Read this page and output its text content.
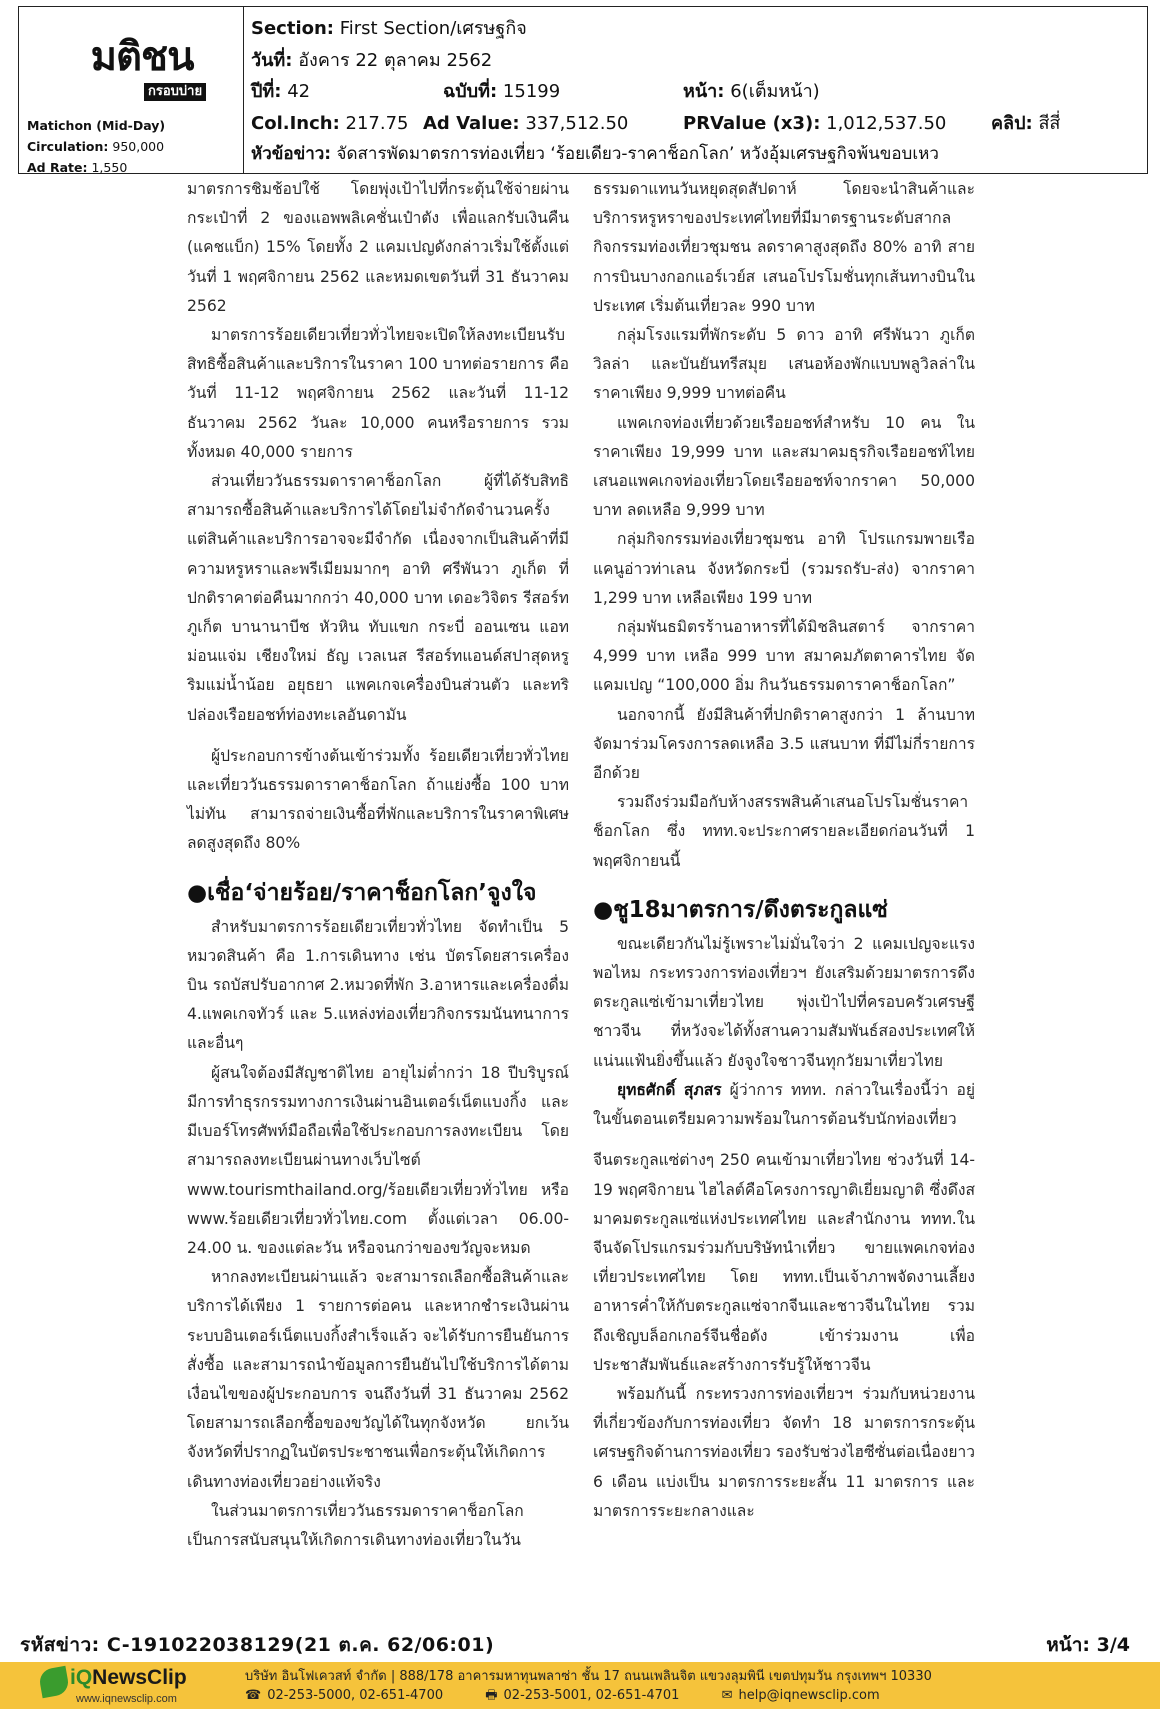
มติชน
กรอบบ่าย
Matichon (Mid-Day)
Circulation: 950,000
Ad Rate: 1,550
Section: First Section/เศรษฐกิจ
วันที่: อังคาร 22 ตุลาคม 2562
ปีที่: 42	ฉบับที่: 15199	หน้า: 6(เต็มหน้า)
Col.Inch: 217.75 Ad Value: 337,512.50	PRValue (x3): 1,012,537.50 คลิป: สีสี่
หัวข้อข่าว: จัดสารพัดมาตรการท่องเที่ยว ‘ร้อยเดียว-ราคาช็อกโลก’ หวังอุ้มเศรษฐกิจพ้นขอบเหว

มาตรการชิมช้อปใช้ โดยพุ่งเป้าไปที่กระตุ้นใช้จ่ายผ่านกระเป๋าที่ 2 ของแอพพลิเคชั่นเป๋าตัง เพื่อแลกรับเงินคืน (แคชแบ็ก) 15% โดยทั้ง 2 แคมเปญดังกล่าวเริ่มใช้ตั้งแต่วันที่ 1 พฤศจิกายน 2562 และหมดเขตวันที่ 31 ธันวาคม 2562

มาตรการร้อยเดียวเที่ยวทั่วไทยจะเปิดให้ลงทะเบียนรับสิทธิซื้อสินค้าและบริการในราคา 100 บาทต่อรายการ คือ วันที่ 11-12 พฤศจิกายน 2562 และวันที่ 11-12 ธันวาคม 2562 วันละ 10,000 คนหรือรายการ รวมทั้งหมด 40,000 รายการ

ส่วนเที่ยววันธรรมดาราคาช็อกโลก ผู้ที่ได้รับสิทธิสามารถซื้อสินค้าและบริการได้โดยไม่จำกัดจำนวนครั้ง แต่สินค้าและบริการอาจจะมีจำกัด เนื่องจากเป็นสินค้าที่มีความหรูหราและพรีเมียมมากๆ อาทิ ศรีพันวา ภูเก็ต ที่ปกติราคาต่อคืนมากกว่า 40,000 บาท เดอะวิจิตร รีสอร์ท ภูเก็ต บานานาบีช หัวหิน ทับแขก กระบี่ ออนเซน แอท ม่อนแจ่ม เชียงใหม่ ธัญ เวลเนส รีสอร์ทแอนด์สปาสุดหรูริมแม่น้ำน้อย อยุธยา แพคเกจเครื่องบินส่วนตัว และทริปล่องเรือยอชท์ท่องทะเลอันดามัน

ผู้ประกอบการข้างต้นเข้าร่วมทั้ง ร้อยเดียวเที่ยวทั่วไทย และเที่ยววันธรรมดาราคาช็อกโลก ถ้าแย่งซื้อ 100 บาทไม่ทัน สามารถจ่ายเงินซื้อที่พักและบริการในราคาพิเศษลดสูงสุดถึง 80%

●เชื่อ‘จ่ายร้อย/ราคาช็อกโลก’จูงใจ

สำหรับมาตรการร้อยเดียวเที่ยวทั่วไทย จัดทำเป็น 5 หมวดสินค้า คือ 1.การเดินทาง เช่น บัตรโดยสารเครื่องบิน รถบัสปรับอากาศ 2.หมวดที่พัก 3.อาหารและเครื่องดื่ม 4.แพคเกจทัวร์ และ 5.แหล่งท่องเที่ยวกิจกรรมนันทนาการ และอื่นๆ

ผู้สนใจต้องมีสัญชาติไทย อายุไม่ต่ำกว่า 18 ปีบริบูรณ์ มีการทำธุรกรรมทางการเงินผ่านอินเตอร์เน็ตแบงกิ้ง และมีเบอร์โทรศัพท์มือถือเพื่อใช้ประกอบการลงทะเบียน โดยสามารถลงทะเบียนผ่านทางเว็บไซต์ www.tourismthailand.org/ร้อยเดียวเที่ยวทั่วไทย หรือ www.ร้อยเดียวเที่ยวทั่วไทย.com ตั้งแต่เวลา 06.00-24.00 น. ของแต่ละวัน หรือจนกว่าของขวัญจะหมด

หากลงทะเบียนผ่านแล้ว จะสามารถเลือกซื้อสินค้าและบริการได้เพียง 1 รายการต่อคน และหากชำระเงินผ่านระบบอินเตอร์เน็ตแบงกิ้งสำเร็จแล้ว จะได้รับการยืนยันการสั่งซื้อ และสามารถนำข้อมูลการยืนยันไปใช้บริการได้ตามเงื่อนไขของผู้ประกอบการ จนถึงวันที่ 31 ธันวาคม 2562 โดยสามารถเลือกซื้อของขวัญได้ในทุกจังหวัด ยกเว้นจังหวัดที่ปรากฏในบัตรประชาชนเพื่อกระตุ้นให้เกิดการเดินทางท่องเที่ยวอย่างแท้จริง

ในส่วนมาตรการเที่ยววันธรรมดาราคาช็อกโลกเป็นการสนับสนุนให้เกิดการเดินทางท่องเที่ยวในวัน

ธรรมดาแทนวันหยุดสุดสัปดาห์ โดยจะนำสินค้าและบริการหรูหราของประเทศไทยที่มีมาตรฐานระดับสากล กิจกรรมท่องเที่ยวชุมชน ลดราคาสูงสุดถึง 80% อาทิ สายการบินบางกอกแอร์เวย์ส เสนอโปรโมชั่นทุกเส้นทางบินในประเทศ เริ่มต้นเที่ยวละ 990 บาท

กลุ่มโรงแรมที่พักระดับ 5 ดาว อาทิ ศรีพันวา ภูเก็ต วิลล่า และบันยันทรีสมุย เสนอห้องพักแบบพลูวิลล่าในราคาเพียง 9,999 บาทต่อคืน

แพคเกจท่องเที่ยวด้วยเรือยอชท์สำหรับ 10 คน ในราคาเพียง 19,999 บาท และสมาคมธุรกิจเรือยอชท์ไทย เสนอแพคเกจท่องเที่ยวโดยเรือยอชท์จากราคา 50,000 บาท ลดเหลือ 9,999 บาท

กลุ่มกิจกรรมท่องเที่ยวชุมชน อาทิ โปรแกรมพายเรือแคนูอ่าวท่าเลน จังหวัดกระบี่ (รวมรถรับ-ส่ง) จากราคา 1,299 บาท เหลือเพียง 199 บาท

กลุ่มพันธมิตรร้านอาหารที่ได้มิชลินสตาร์ จากราคา 4,999 บาท เหลือ 999 บาท สมาคมภัตตาคารไทย จัดแคมเปญ “100,000 อิ่ม กินวันธรรมดาราคาช็อกโลก”

นอกจากนี้ ยังมีสินค้าที่ปกติราคาสูงกว่า 1 ล้านบาท จัดมาร่วมโครงการลดเหลือ 3.5 แสนบาท ที่มีไม่กี่รายการอีกด้วย

รวมถึงร่วมมือกับห้างสรรพสินค้าเสนอโปรโมชั่นราคาช็อกโลก ซึ่ง ททท.จะประกาศรายละเอียดก่อนวันที่ 1 พฤศจิกายนนี้

●ชู18มาตรการ/ดึงตระกูลแซ่

ขณะเดียวกันไม่รู้เพราะไม่มั่นใจว่า 2 แคมเปญจะแรงพอไหม กระทรวงการท่องเที่ยวฯ ยังเสริมด้วยมาตรการดึงตระกูลแซ่เข้ามาเที่ยวไทย พุ่งเป้าไปที่ครอบครัวเศรษฐีชาวจีน ที่หวังจะได้ทั้งสานความสัมพันธ์สองประเทศให้แน่นแฟ้นยิ่งขึ้นแล้ว ยังจูงใจชาวจีนทุกวัยมาเที่ยวไทย

ยุทธศักดิ์ สุภสร ผู้ว่าการ ททท. กล่าวในเรื่องนี้ว่า อยู่ในขั้นตอนเตรียมความพร้อมในการต้อนรับนักท่องเที่ยว

จีนตระกูลแซ่ต่างๆ 250 คนเข้ามาเที่ยวไทย ช่วงวันที่ 14-19 พฤศจิกายน ไฮไลต์คือโครงการญาติเยี่ยมญาติ ซึ่งดึงสมาคมตระกูลแซ่แห่งประเทศไทย และสำนักงาน ททท.ในจีนจัดโปรแกรมร่วมกับบริษัทนำเที่ยว ขายแพคเกจท่องเที่ยวประเทศไทย โดย ททท.เป็นเจ้าภาพจัดงานเลี้ยงอาหารค่ำให้กับตระกูลแซ่จากจีนและชาวจีนในไทย รวมถึงเชิญบล็อกเกอร์จีนชื่อดัง เข้าร่วมงาน เพื่อประชาสัมพันธ์และสร้างการรับรู้ให้ชาวจีน

พร้อมกันนี้ กระทรวงการท่องเที่ยวฯ ร่วมกับหน่วยงานที่เกี่ยวข้องกับการท่องเที่ยว จัดทำ 18 มาตรการกระตุ้นเศรษฐกิจด้านการท่องเที่ยว รองรับช่วงไฮซีซั่นต่อเนื่องยาว 6 เดือน แบ่งเป็น มาตรการระยะสั้น 11 มาตรการ และมาตรการระยะกลางและ

รหัสข่าว: C-191022038129(21 ต.ค. 62/06:01)	หน้า: 3/4
iQNewsClip
www.iqnewsclip.com
บริษัท อินโฟเควสท์ จำกัด | 888/178 อาคารมหาทุนพลาซ่า ชั้น 17 ถนนเพลินจิต แขวงลุมพินี เขตปทุมวัน กรุงเทพฯ 10330
☎ 02-253-5000, 02-651-4700	🖶 02-253-5001, 02-651-4701	✉ help@iqnewsclip.com
